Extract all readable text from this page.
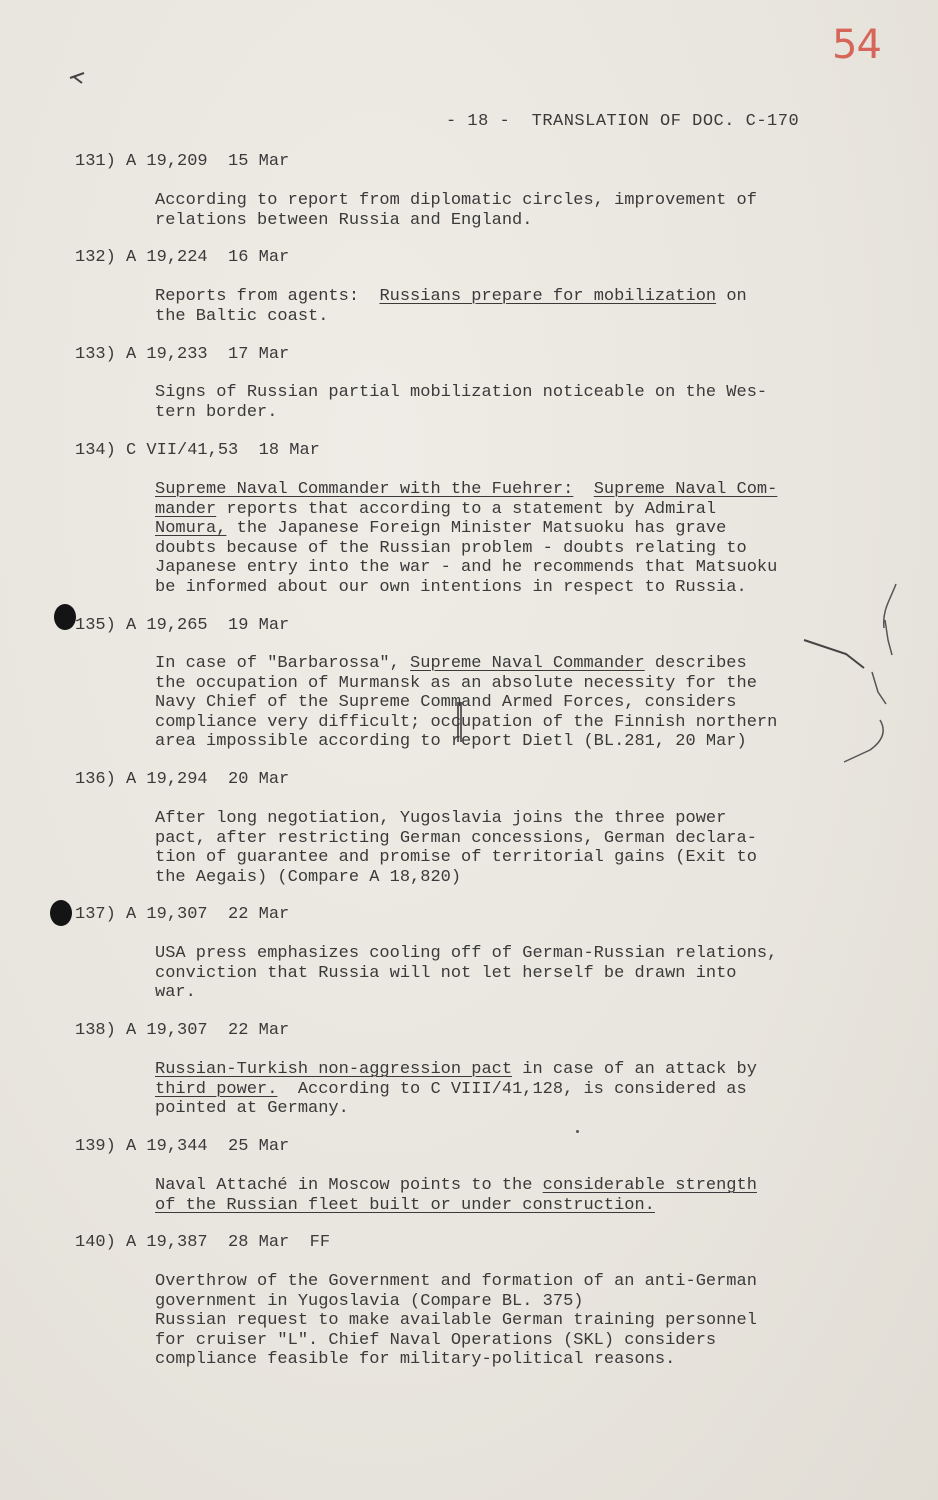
54
- 18 -  TRANSLATION OF DOC. C-170
131) A 19,209 15 Mar

According to report from diplomatic circles, improvement of

relations between Russia and England.

132) A 19,224 16 Mar

Reports from agents: Russians prepare for mobilization on

the Baltic coast.

133) A 19,233 17 Mar

Signs of Russian partial mobilization noticeable on the Wes-

tern border.

134) C VII/41,53 18 Mar

Supreme Naval Commander with the Fuehrer: Supreme Naval Com-

mander reports that according to a statement by Admiral

Nomura, the Japanese Foreign Minister Matsuoku has grave

doubts because of the Russian problem - doubts relating to

Japanese entry into the war - and he recommends that Matsuoku

be informed about our own intentions in respect to Russia.

135) A 19,265 19 Mar

In case of "Barbarossa", Supreme Naval Commander describes

the occupation of Murmansk as an absolute necessity for the

Navy Chief of the Supreme Command Armed Forces, considers

compliance very difficult; occupation of the Finnish northern

area impossible according to report Dietl (BL.281, 20 Mar)

136) A 19,294 20 Mar

After long negotiation, Yugoslavia joins the three power

pact, after restricting German concessions, German declara-

tion of guarantee and promise of territorial gains (Exit to

the Aegais) (Compare A 18,820)

137) A 19,307 22 Mar

USA press emphasizes cooling off of German-Russian relations,

conviction that Russia will not let herself be drawn into

war.

138) A 19,307 22 Mar

Russian-Turkish non-aggression pact in case of an attack by

third power. According to C VIII/41,128, is considered as

pointed at Germany.

139) A 19,344 25 Mar

Naval Attaché in Moscow points to the considerable strength

of the Russian fleet built or under construction.

140) A 19,387 28 Mar FF

Overthrow of the Government and formation of an anti-German

government in Yugoslavia (Compare BL. 375)

Russian request to make available German training personnel

for cruiser "L". Chief Naval Operations (SKL) considers

compliance feasible for military-political reasons.
